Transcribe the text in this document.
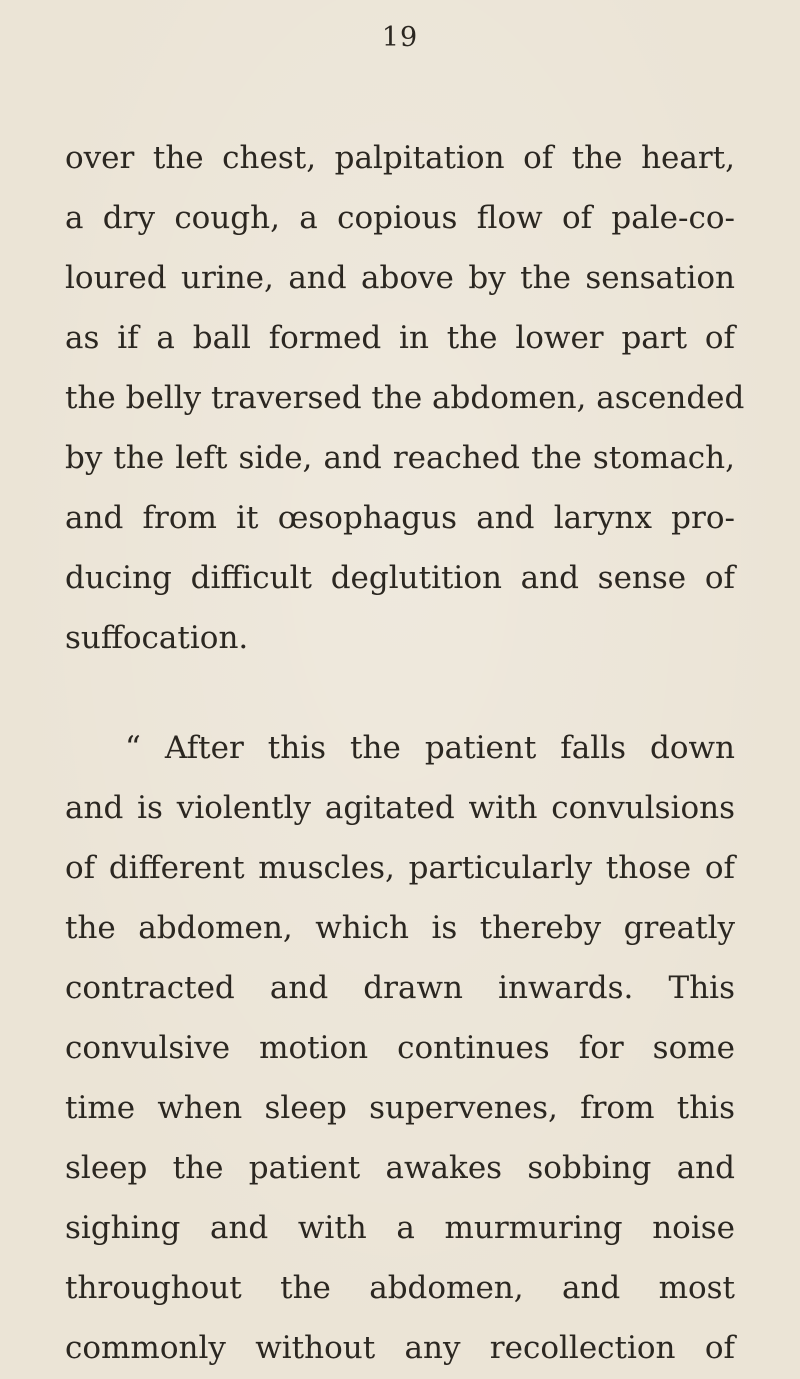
19
over the chest, palpitation of the heart,
a dry cough, a copious flow of pale-co-
loured urine, and above by the sensation
as if a ball formed in the lower part of
the belly traversed the abdomen, ascended
by the left side, and reached the stomach,
and from it œsophagus and larynx pro-
ducing difficult deglutition and sense of
suffocation.
“ After this the patient falls down
and is violently agitated with convulsions
of different muscles, particularly those of
the abdomen, which is thereby greatly
contracted and drawn inwards. This
convulsive motion continues for some
time when sleep supervenes, from this
sleep the patient awakes sobbing and
sighing and with a murmuring noise
throughout the abdomen, and most
commonly without any recollection of
